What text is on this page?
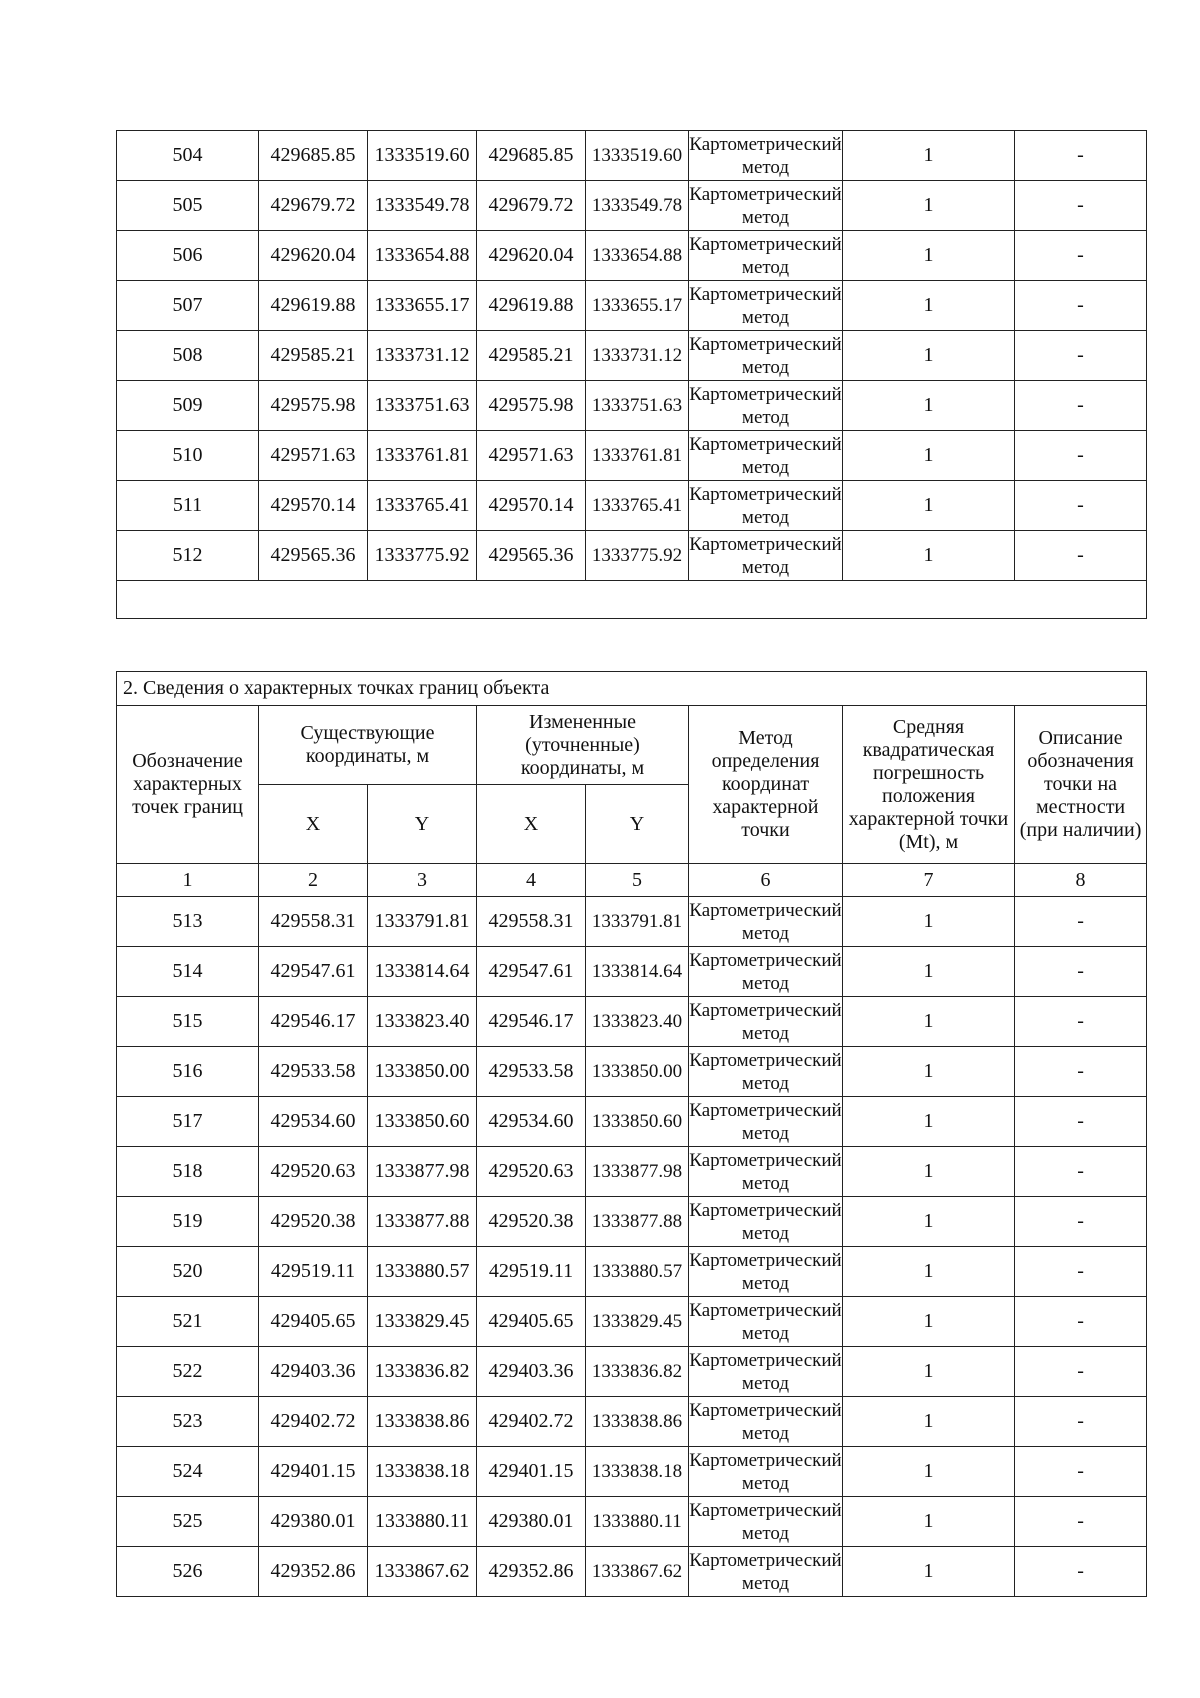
504	429685.85	1333519.60	429685.85	1333519.60	Картометрический метод	1	-
505	429679.72	1333549.78	429679.72	1333549.78	Картометрический метод	1	-
506	429620.04	1333654.88	429620.04	1333654.88	Картометрический метод	1	-
507	429619.88	1333655.17	429619.88	1333655.17	Картометрический метод	1	-
508	429585.21	1333731.12	429585.21	1333731.12	Картометрический метод	1	-
509	429575.98	1333751.63	429575.98	1333751.63	Картометрический метод	1	-
510	429571.63	1333761.81	429571.63	1333761.81	Картометрический метод	1	-
511	429570.14	1333765.41	429570.14	1333765.41	Картометрический метод	1	-
512	429565.36	1333775.92	429565.36	1333775.92	Картометрический метод	1	-

2. Сведения о характерных точках границ объекта							
Обозначение характерных точек границ	Существующие координаты, м		Измененные (уточненные) координаты, м		Метод определения координат характерной точки	Средняя квадратическая погрешность положения характерной точки (Mt), м	Описание обозначения точки на местности (при наличии)
	X	Y	X	Y			
1	2	3	4	5	6	7	8
513	429558.31	1333791.81	429558.31	1333791.81	Картометрический метод	1	-
514	429547.61	1333814.64	429547.61	1333814.64	Картометрический метод	1	-
515	429546.17	1333823.40	429546.17	1333823.40	Картометрический метод	1	-
516	429533.58	1333850.00	429533.58	1333850.00	Картометрический метод	1	-
517	429534.60	1333850.60	429534.60	1333850.60	Картометрический метод	1	-
518	429520.63	1333877.98	429520.63	1333877.98	Картометрический метод	1	-
519	429520.38	1333877.88	429520.38	1333877.88	Картометрический метод	1	-
520	429519.11	1333880.57	429519.11	1333880.57	Картометрический метод	1	-
521	429405.65	1333829.45	429405.65	1333829.45	Картометрический метод	1	-
522	429403.36	1333836.82	429403.36	1333836.82	Картометрический метод	1	-
523	429402.72	1333838.86	429402.72	1333838.86	Картометрический метод	1	-
524	429401.15	1333838.18	429401.15	1333838.18	Картометрический метод	1	-
525	429380.01	1333880.11	429380.01	1333880.11	Картометрический метод	1	-
526	429352.86	1333867.62	429352.86	1333867.62	Картометрический метод	1	-
